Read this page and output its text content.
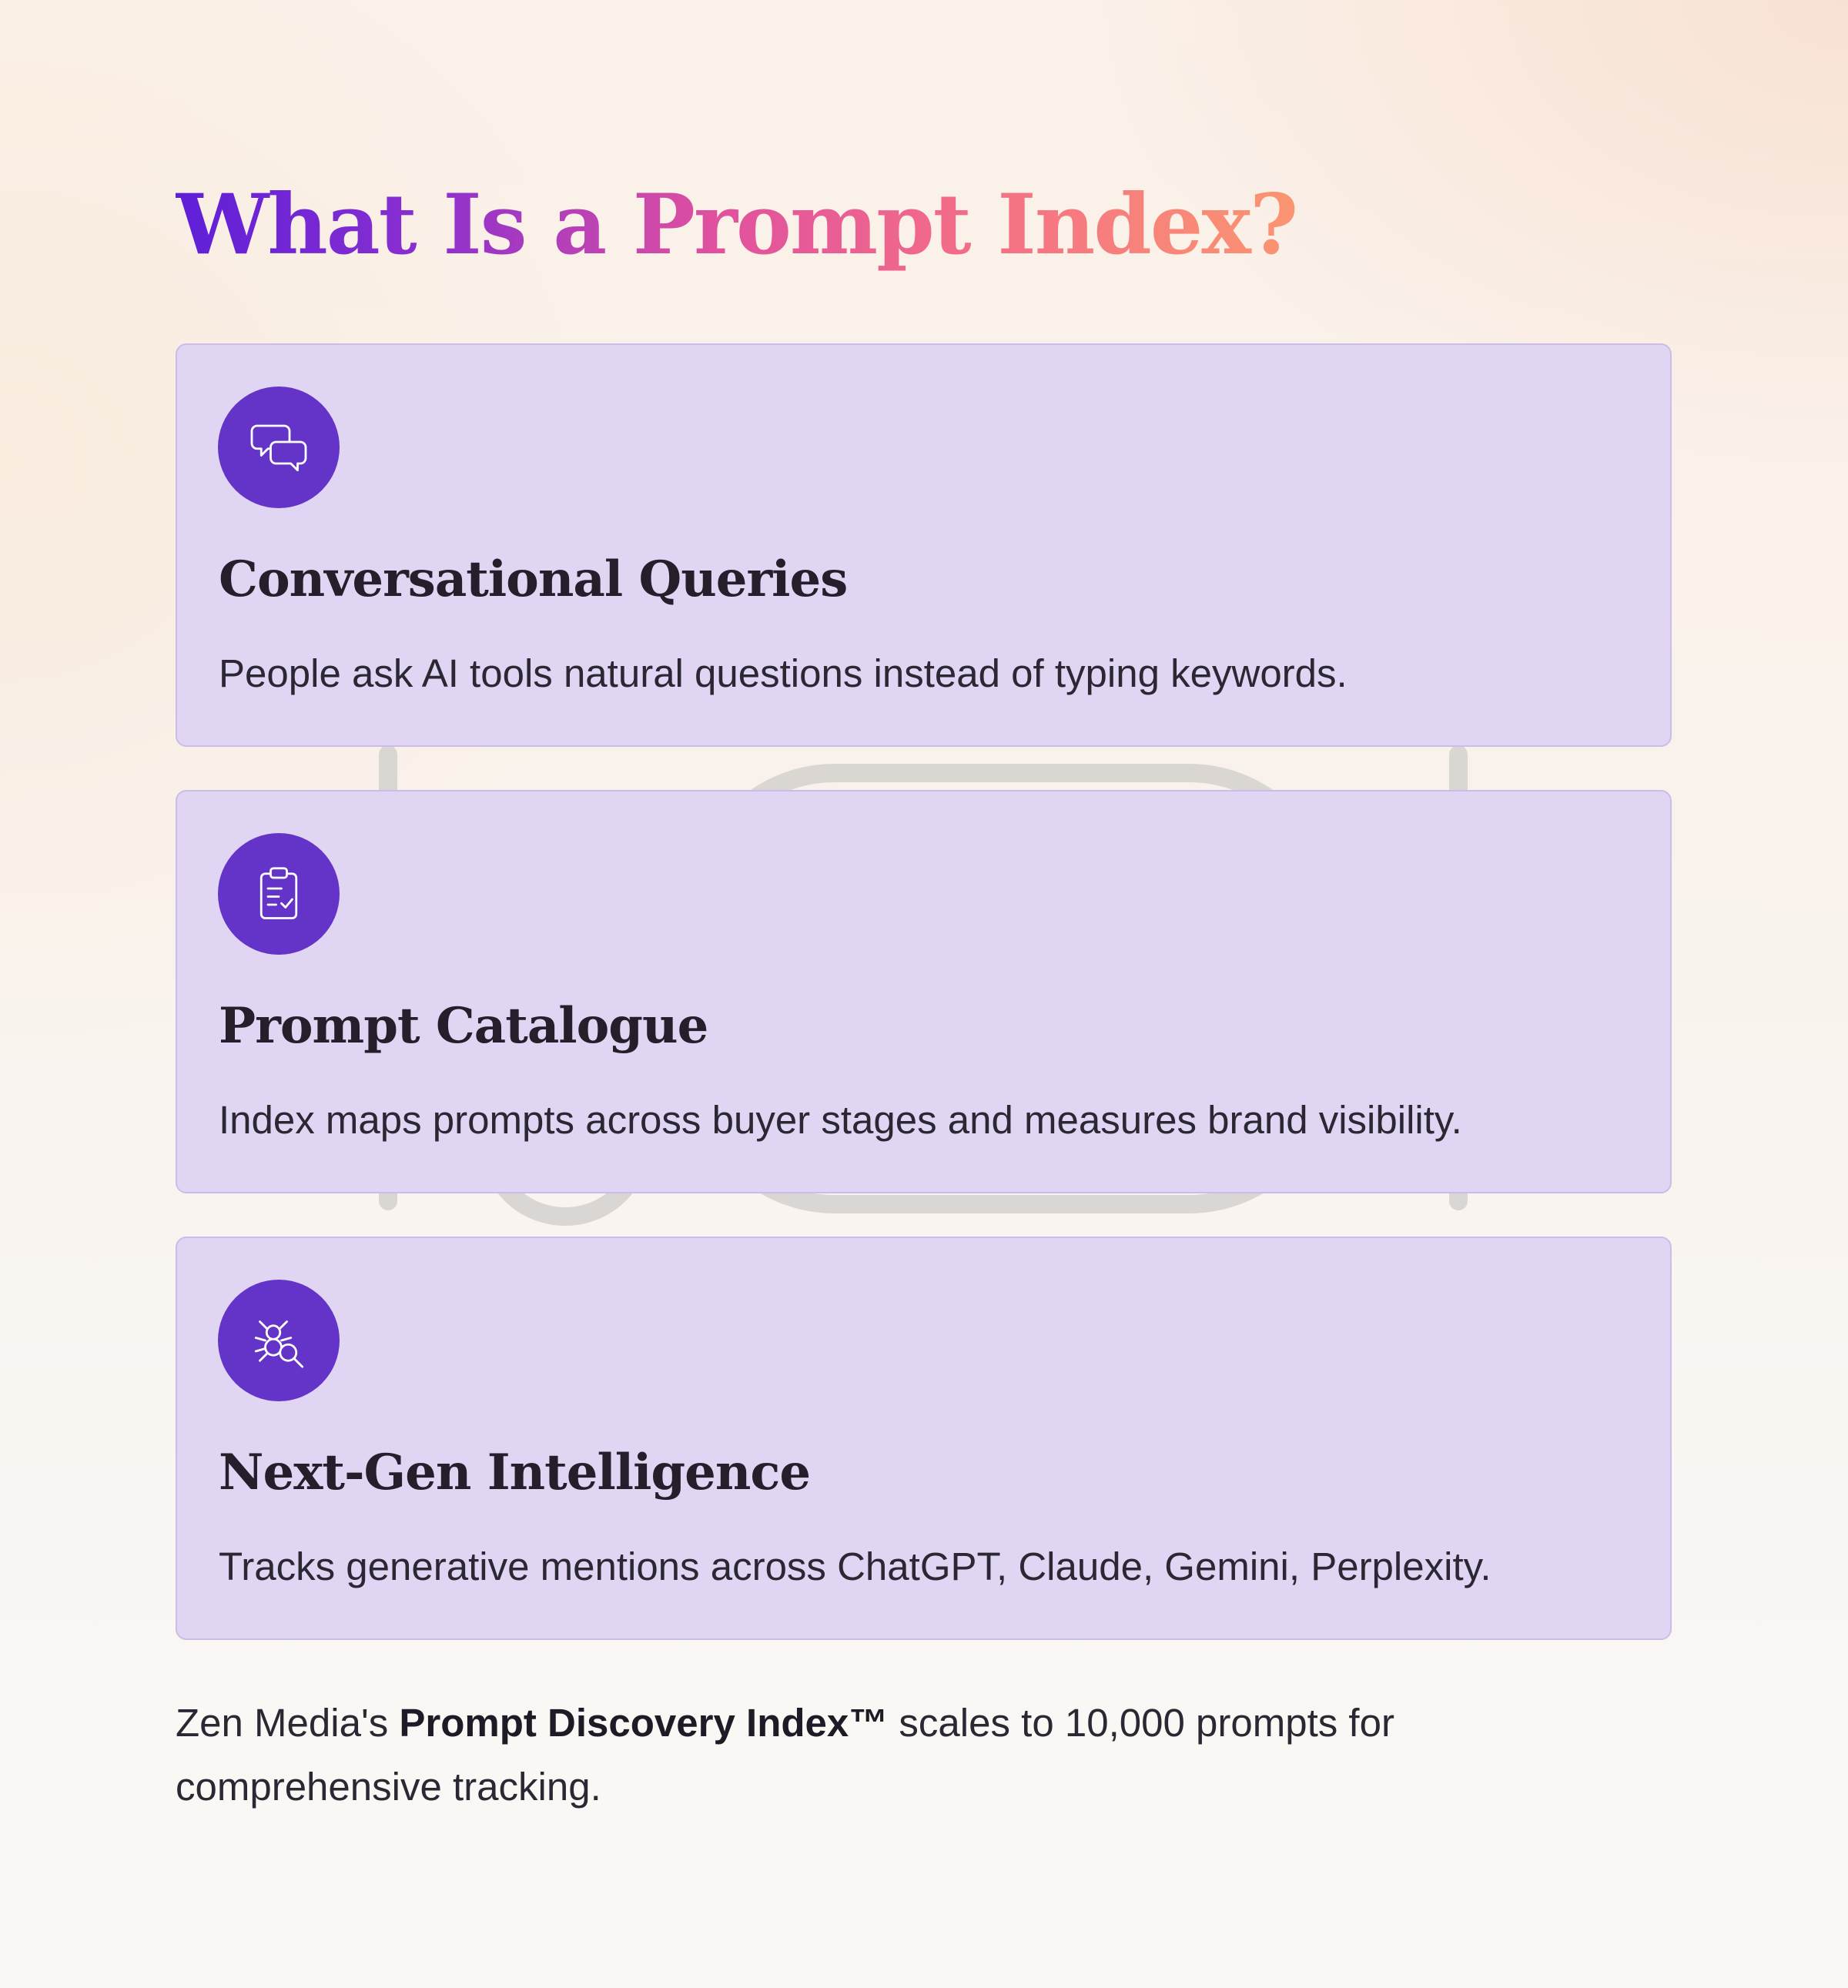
What Is a Prompt Index?
Conversational Queries

People ask AI tools natural questions instead of typing keywords.

Prompt Catalogue

Index maps prompts across buyer stages and measures brand visibility.

Next-Gen Intelligence

Tracks generative mentions across ChatGPT, Claude, Gemini, Perplexity.

Zen Media's Prompt Discovery Index™ scales to 10,000 prompts for comprehensive tracking.
